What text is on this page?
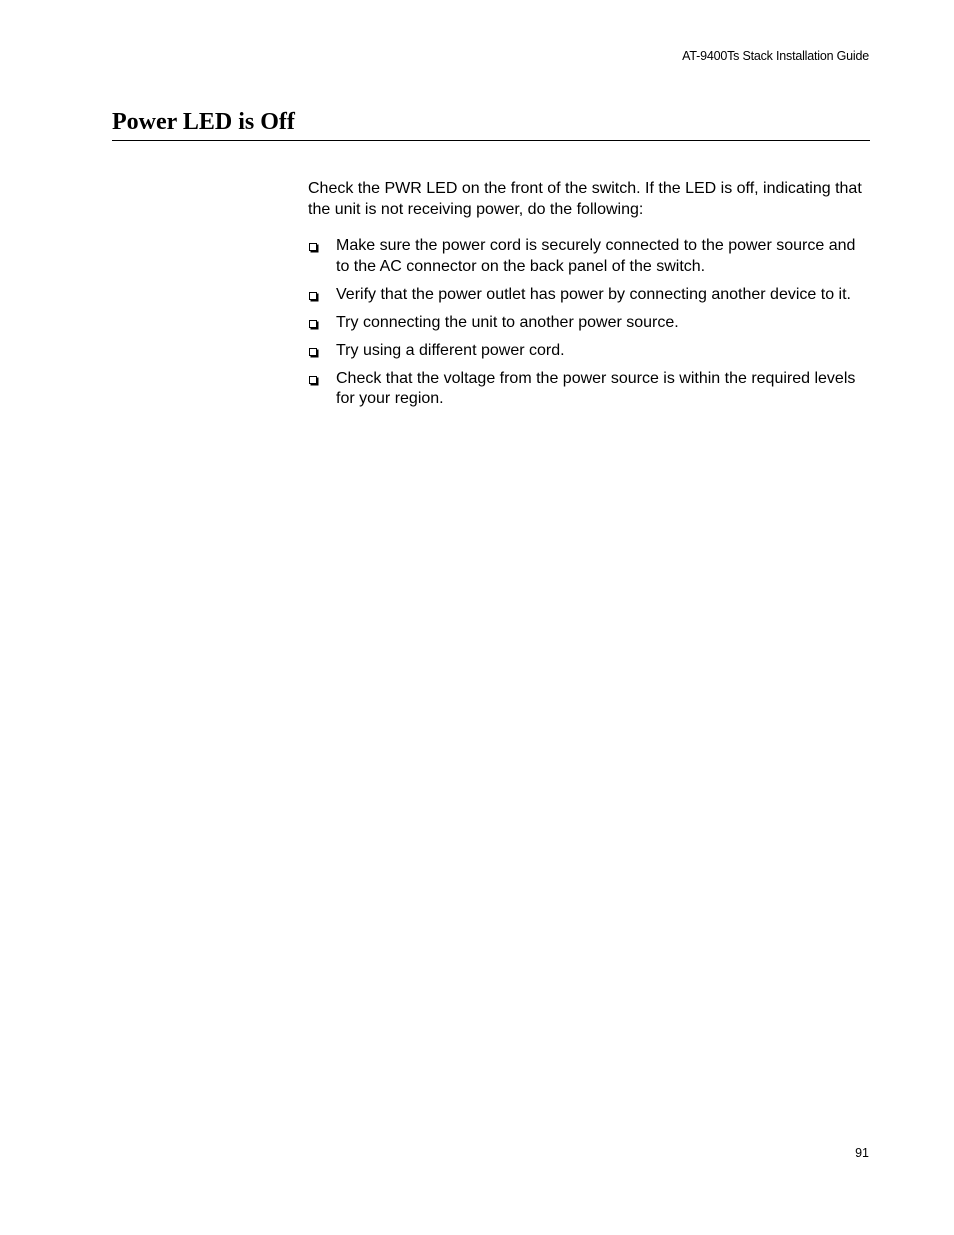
AT-9400Ts Stack Installation Guide
Power LED is Off

Check the PWR LED on the front of the switch. If the LED is off, indicating that the unit is not receiving power, do the following:

Make sure the power cord is securely connected to the power source and to the AC connector on the back panel of the switch.
Verify that the power outlet has power by connecting another device to it.
Try connecting the unit to another power source.
Try using a different power cord.
Check that the voltage from the power source is within the required levels for your region.
91
